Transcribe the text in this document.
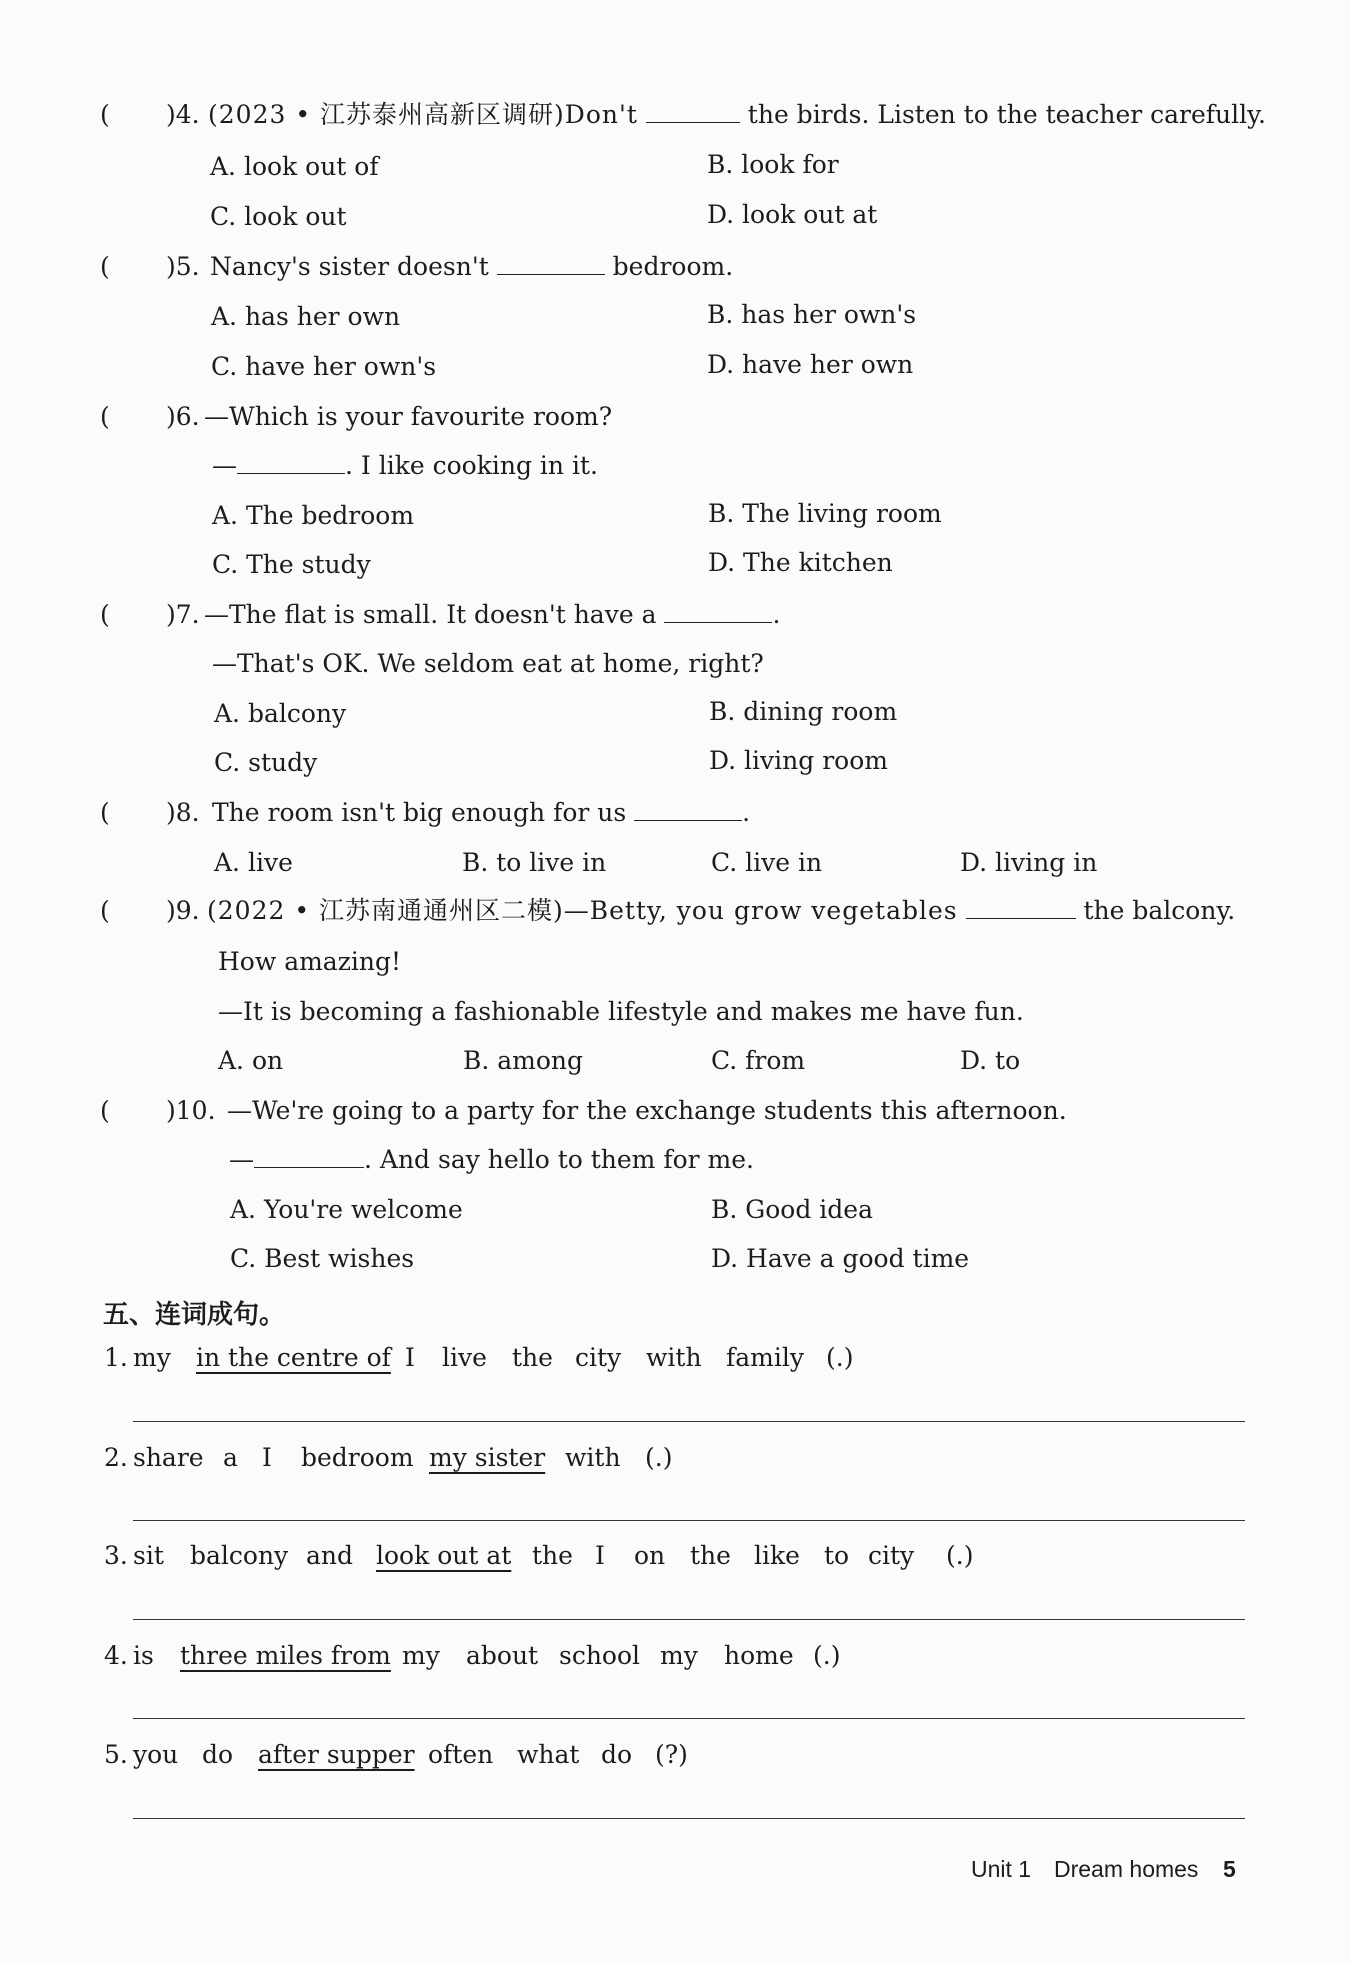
( )4. (2023 • 江苏泰州高新区调研)Don't	the birds. Listen to the teacher carefully.
A. look out of	B. look for
C. look out	D. look out at
( )5. Nancy's sister doesn't	bedroom.
A. has her own	B. has her own's
C. have her own's	D. have her own
( )6. —Which is your favourite room?
—	. I like cooking in it.
A. The bedroom	B. The living room
C. The study	D. The kitchen
( )7. —The flat is small. It doesn't have a	.
—That's OK. We seldom eat at home, right?
A. balcony	B. dining room
C. study	D. living room
( )8. The room isn't big enough for us	.
A. live	B. to live in	C. live in	D. living in
( )9. (2022 • 江苏南通通州区二模)—Betty, you grow vegetables	the balcony.
How amazing!
—It is becoming a fashionable lifestyle and makes me have fun.
A. on	B. among	C. from	D. to
( )10. —We're going to a party for the exchange students this afternoon.
—	. And say hello to them for me.
A. You're welcome	B. Good idea
C. Best wishes	D. Have a good time
五、连词成句。
1. my in the centre of I live the city with family (.)
2. share a I bedroom my sister with (.)
3. sit balcony and look out at the I on the like to city (.)
4. is three miles from my about school my home (.)
5. you do after supper often what do (?)
Unit 1 Dream homes 5
